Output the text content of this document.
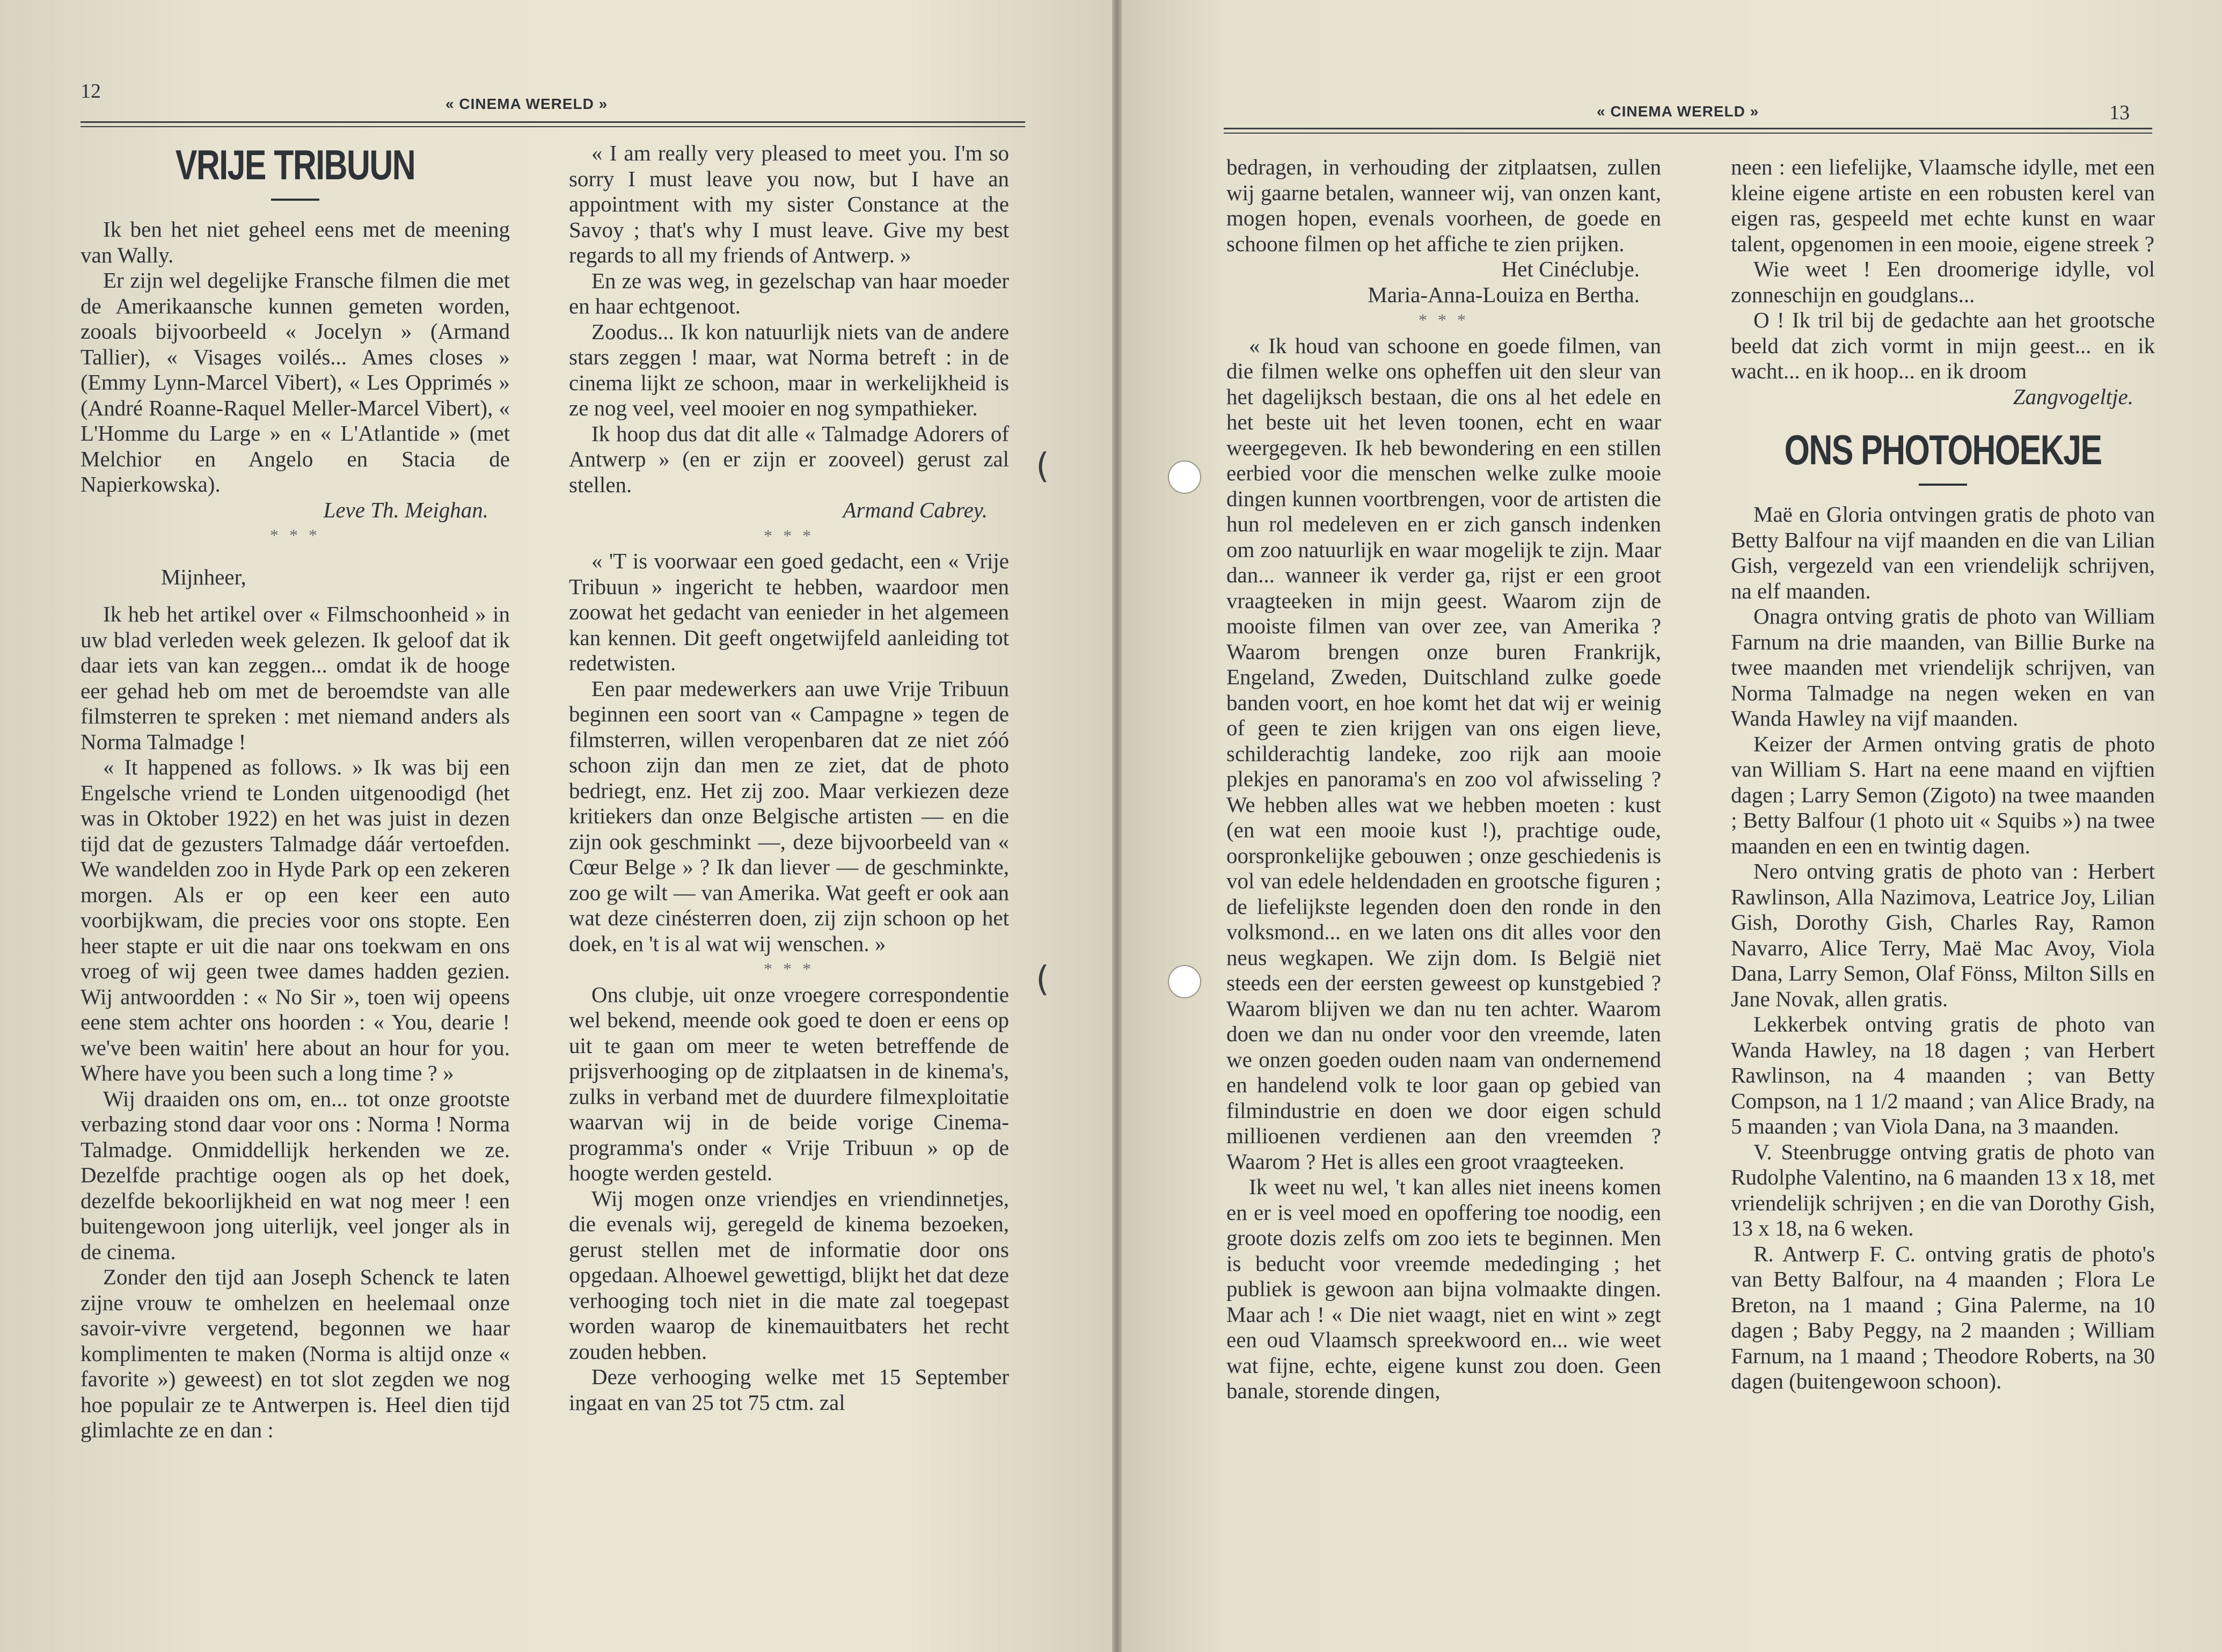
(
(
12
« CINEMA WERELD »
VRIJE TRIBUUN

Ik ben het niet geheel eens met de meening van Wally.

Er zijn wel degelijke Fransche filmen die met de Amerikaansche kunnen gemeten worden, zooals bijvoorbeeld « Jocelyn » (Armand Tallier), « Visages voilés... Ames closes » (Emmy Lynn-Marcel Vibert), « Les Opprimés » (André Roanne-Raquel Meller-Marcel Vibert), « L'Homme du Large » en « L'Atlantide » (met Melchior en Angelo en Stacia de Napierkowska).

Leve Th. Meighan.

* * *

Mijnheer,

Ik heb het artikel over « Filmschoonheid » in uw blad verleden week gelezen. Ik geloof dat ik daar iets van kan zeggen... omdat ik de hooge eer gehad heb om met de beroemdste van alle filmsterren te spreken : met niemand anders als Norma Talmadge !

« It happened as follows. » Ik was bij een Engelsche vriend te Londen uitgenoodigd (het was in Oktober 1922) en het was juist in dezen tijd dat de gezusters Talmadge dáár vertoefden. We wandelden zoo in Hyde Park op een zekeren morgen. Als er op een keer een auto voorbijkwam, die precies voor ons stopte. Een heer stapte er uit die naar ons toekwam en ons vroeg of wij geen twee dames hadden gezien. Wij antwoordden : « No Sir », toen wij opeens eene stem achter ons hoorden : « You, dearie ! we've been waitin' here about an hour for you. Where have you been such a long time ? »

Wij draaiden ons om, en... tot onze grootste verbazing stond daar voor ons : Norma ! Norma Talmadge. Onmiddellijk herkenden we ze. Dezelfde prachtige oogen als op het doek, dezelfde bekoorlijkheid en wat nog meer ! een buitengewoon jong uiterlijk, veel jonger als in de cinema.

Zonder den tijd aan Joseph Schenck te laten zijne vrouw te omhelzen en heelemaal onze savoir-vivre vergetend, begonnen we haar komplimenten te maken (Norma is altijd onze « favorite ») geweest) en tot slot zegden we nog hoe populair ze te Antwerpen is. Heel dien tijd glimlachte ze en dan :

« I am really very pleased to meet you. I'm so sorry I must leave you now, but I have an appointment with my sister Constance at the Savoy ; that's why I must leave. Give my best regards to all my friends of Antwerp. »

En ze was weg, in gezelschap van haar moeder en haar echtgenoot.

Zoodus... Ik kon natuurlijk niets van de andere stars zeggen ! maar, wat Norma betreft : in de cinema lijkt ze schoon, maar in werkelijkheid is ze nog veel, veel mooier en nog sympathieker.

Ik hoop dus dat dit alle « Talmadge Adorers of Antwerp » (en er zijn er zooveel) gerust zal stellen.

Armand Cabrey.

* * *

« 'T is voorwaar een goed gedacht, een « Vrije Tribuun » ingericht te hebben, waardoor men zoowat het gedacht van eenieder in het algemeen kan kennen. Dit geeft ongetwijfeld aanleiding tot redetwisten.

Een paar medewerkers aan uwe Vrije Tribuun beginnen een soort van « Campagne » tegen de filmsterren, willen veropenbaren dat ze niet zóó schoon zijn dan men ze ziet, dat de photo bedriegt, enz. Het zij zoo. Maar verkiezen deze kritiekers dan onze Belgische artisten — en die zijn ook geschminkt —, deze bijvoorbeeld van « Cœur Belge » ? Ik dan liever — de geschminkte, zoo ge wilt — van Amerika. Wat geeft er ook aan wat deze cinésterren doen, zij zijn schoon op het doek, en 't is al wat wij wenschen. »

* * *

Ons clubje, uit onze vroegere correspondentie wel bekend, meende ook goed te doen er eens op uit te gaan om meer te weten betreffende de prijsverhooging op de zitplaatsen in de kinema's, zulks in verband met de duurdere filmexploitatie waarvan wij in de beide vorige Cinema-programma's onder « Vrije Tribuun » op de hoogte werden gesteld.

Wij mogen onze vriendjes en vriendinnetjes, die evenals wij, geregeld de kinema bezoeken, gerust stellen met de informatie door ons opgedaan. Alhoewel gewettigd, blijkt het dat deze verhooging toch niet in die mate zal toegepast worden waarop de kinemauitbaters het recht zouden hebben.

Deze verhooging welke met 15 September ingaat en van 25 tot 75 ctm. zal

« CINEMA WERELD »	13

bedragen, in verhouding der zitplaatsen, zullen wij gaarne betalen, wanneer wij, van onzen kant, mogen hopen, evenals voorheen, de goede en schoone filmen op het affiche te zien prijken.

Het Cinéclubje.

Maria-Anna-Louiza en Bertha.

* * *

« Ik houd van schoone en goede filmen, van die filmen welke ons opheffen uit den sleur van het dagelijksch bestaan, die ons al het edele en het beste uit het leven toonen, echt en waar weergegeven. Ik heb bewondering en een stillen eerbied voor die menschen welke zulke mooie dingen kunnen voortbrengen, voor de artisten die hun rol medeleven en er zich gansch indenken om zoo natuurlijk en waar mogelijk te zijn. Maar dan... wanneer ik verder ga, rijst er een groot vraagteeken in mijn geest. Waarom zijn de mooiste filmen van over zee, van Amerika ? Waarom brengen onze buren Frankrijk, Engeland, Zweden, Duitschland zulke goede banden voort, en hoe komt het dat wij er weinig of geen te zien krijgen van ons eigen lieve, schilderachtig landeke, zoo rijk aan mooie plekjes en panorama's en zoo vol afwisseling ? We hebben alles wat we hebben moeten : kust (en wat een mooie kust !), prachtige oude, oorspronkelijke gebouwen ; onze geschiedenis is vol van edele heldendaden en grootsche figuren ; de liefelijkste legenden doen den ronde in den volksmond... en we laten ons dit alles voor den neus wegkapen. We zijn dom. Is België niet steeds een der eersten geweest op kunstgebied ? Waarom blijven we dan nu ten achter. Waarom doen we dan nu onder voor den vreemde, laten we onzen goeden ouden naam van ondernemend en handelend volk te loor gaan op gebied van filmindustrie en doen we door eigen schuld millioenen verdienen aan den vreemden ? Waarom ? Het is alles een groot vraagteeken.

Ik weet nu wel, 't kan alles niet ineens komen en er is veel moed en opoffering toe noodig, een groote dozis zelfs om zoo iets te beginnen. Men is beducht voor vreemde mededinging ; het publiek is gewoon aan bijna volmaakte dingen. Maar ach ! « Die niet waagt, niet en wint » zegt een oud Vlaamsch spreekwoord en... wie weet wat fijne, echte, eigene kunst zou doen. Geen banale, storende dingen,

neen : een liefelijke, Vlaamsche idylle, met een kleine eigene artiste en een robusten kerel van eigen ras, gespeeld met echte kunst en waar talent, opgenomen in een mooie, eigene streek ?

Wie weet ! Een droomerige idylle, vol zonneschijn en goudglans...

O ! Ik tril bij de gedachte aan het grootsche beeld dat zich vormt in mijn geest... en ik wacht... en ik hoop... en ik droom

Zangvogeltje.

ONS PHOTOHOEKJE

Maë en Gloria ontvingen gratis de photo van Betty Balfour na vijf maanden en die van Lilian Gish, vergezeld van een vriendelijk schrijven, na elf maanden.

Onagra ontving gratis de photo van William Farnum na drie maanden, van Billie Burke na twee maanden met vriendelijk schrijven, van Norma Talmadge na negen weken en van Wanda Hawley na vijf maanden.

Keizer der Armen ontving gratis de photo van William S. Hart na eene maand en vijftien dagen ; Larry Semon (Zigoto) na twee maanden ; Betty Balfour (1 photo uit « Squibs ») na twee maanden en een en twintig dagen.

Nero ontving gratis de photo van : Herbert Rawlinson, Alla Nazimova, Leatrice Joy, Lilian Gish, Dorothy Gish, Charles Ray, Ramon Navarro, Alice Terry, Maë Mac Avoy, Viola Dana, Larry Semon, Olaf Fönss, Milton Sills en Jane Novak, allen gratis.

Lekkerbek ontving gratis de photo van Wanda Hawley, na 18 dagen ; van Herbert Rawlinson, na 4 maanden ; van Betty Compson, na 1 1/2 maand ; van Alice Brady, na 5 maanden ; van Viola Dana, na 3 maanden.

V. Steenbrugge ontving gratis de photo van Rudolphe Valentino, na 6 maanden 13 x 18, met vriendelijk schrijven ; en die van Dorothy Gish, 13 x 18, na 6 weken.

R. Antwerp F. C. ontving gratis de photo's van Betty Balfour, na 4 maanden ; Flora Le Breton, na 1 maand ; Gina Palerme, na 10 dagen ; Baby Peggy, na 2 maanden ; William Farnum, na 1 maand ; Theodore Roberts, na 30 dagen (buitengewoon schoon).
